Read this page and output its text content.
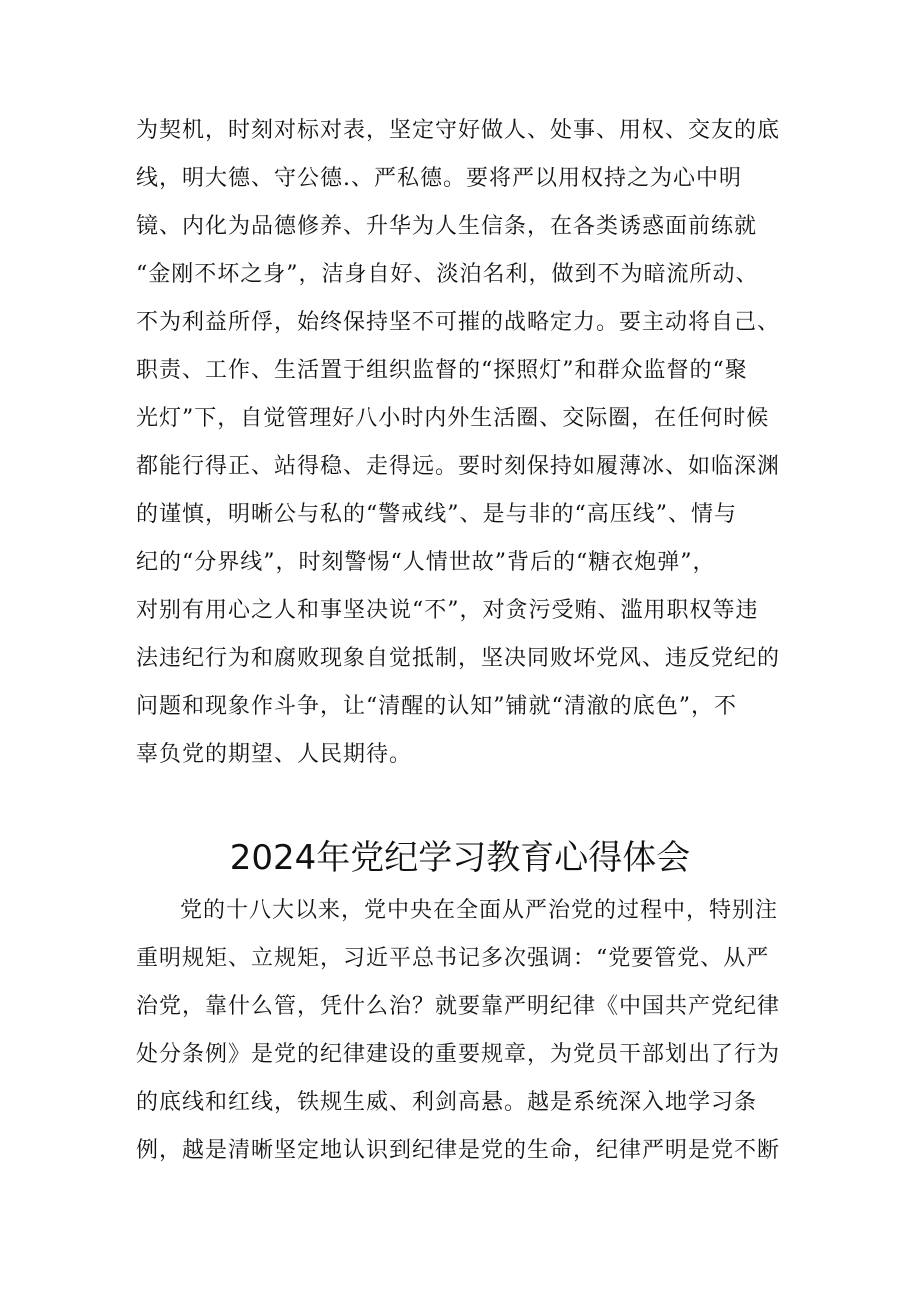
为契机，时刻对标对表，坚定守好做人、处事、用权、交友的底
线，明大德、守公德.、严私德。要将严以用权持之为心中明
镜、内化为品德修养、升华为人生信条，在各类诱惑面前练就
“金刚不坏之身”，洁身自好、淡泊名利，做到不为暗流所动、
不为利益所俘，始终保持坚不可摧的战略定力。要主动将自己、
职责、工作、生活置于组织监督的“探照灯”和群众监督的“聚
光灯”下，自觉管理好八小时内外生活圈、交际圈，在任何时候
都能行得正、站得稳、走得远。要时刻保持如履薄冰、如临深渊
的谨慎，明晰公与私的“警戒线”、是与非的“高压线”、情与
纪的“分界线”，时刻警惕“人情世故”背后的“糖衣炮弹”，
对别有用心之人和事坚决说“不”，对贪污受贿、滥用职权等违
法违纪行为和腐败现象自觉抵制，坚决同败坏党风、违反党纪的
问题和现象作斗争，让“清醒的认知”铺就“清澈的底色”，不
辜负党的期望、人民期待。
2024年党纪学习教育心得体会
党的十八大以来，党中央在全面从严治党的过程中，特别注
重明规矩、立规矩，习近平总书记多次强调：“党要管党、从严
治党，靠什么管，凭什么治？就要靠严明纪律《中国共产党纪律
处分条例》是党的纪律建设的重要规章，为党员干部划出了行为
的底线和红线，铁规生威、利剑高悬。越是系统深入地学习条
例，越是清晰坚定地认识到纪律是党的生命，纪律严明是党不断
